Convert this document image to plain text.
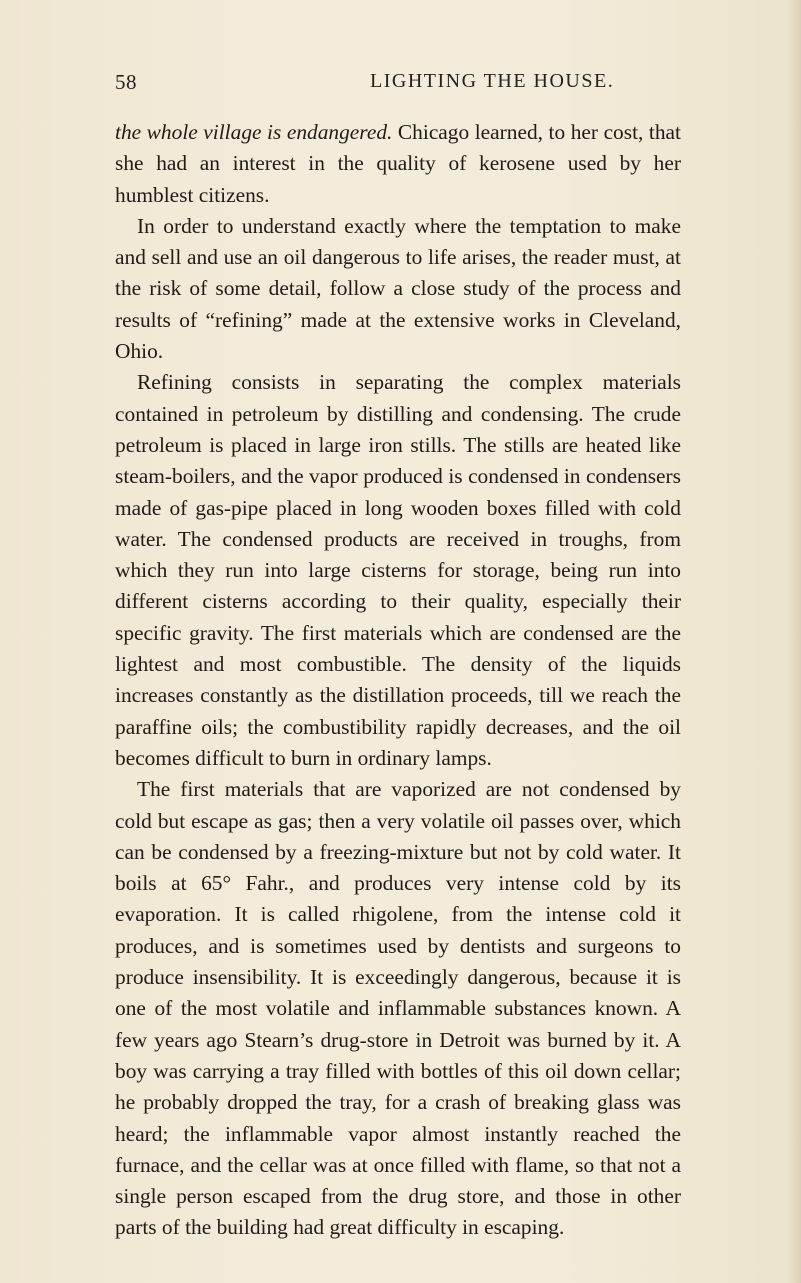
58	LIGHTING THE HOUSE.

the whole village is endangered. Chicago learned, to her cost, that she had an interest in the quality of kerosene used by her humblest citizens.

In order to understand exactly where the temptation to make and sell and use an oil dangerous to life arises, the reader must, at the risk of some detail, follow a close study of the process and results of “refining” made at the extensive works in Cleveland, Ohio.

Refining consists in separating the complex materials contained in petroleum by distilling and condensing. The crude petroleum is placed in large iron stills. The stills are heated like steam-boilers, and the vapor produced is condensed in condensers made of gas-pipe placed in long wooden boxes filled with cold water. The condensed products are received in troughs, from which they run into large cisterns for storage, being run into different cisterns according to their quality, especially their specific gravity. The first materials which are condensed are the lightest and most combustible. The density of the liquids increases constantly as the distillation proceeds, till we reach the paraffine oils; the combustibility rapidly decreases, and the oil becomes difficult to burn in ordinary lamps.

The first materials that are vaporized are not condensed by cold but escape as gas; then a very volatile oil passes over, which can be condensed by a freezing-mixture but not by cold water. It boils at 65° Fahr., and produces very intense cold by its evaporation. It is called rhigolene, from the intense cold it produces, and is sometimes used by dentists and surgeons to produce insensibility. It is exceedingly dangerous, because it is one of the most volatile and inflammable substances known. A few years ago Stearn’s drug-store in Detroit was burned by it. A boy was carrying a tray filled with bottles of this oil down cellar; he probably dropped the tray, for a crash of breaking glass was heard; the inflammable vapor almost instantly reached the furnace, and the cellar was at once filled with flame, so that not a single person escaped from the drug store, and those in other parts of the building had great difficulty in escaping.
